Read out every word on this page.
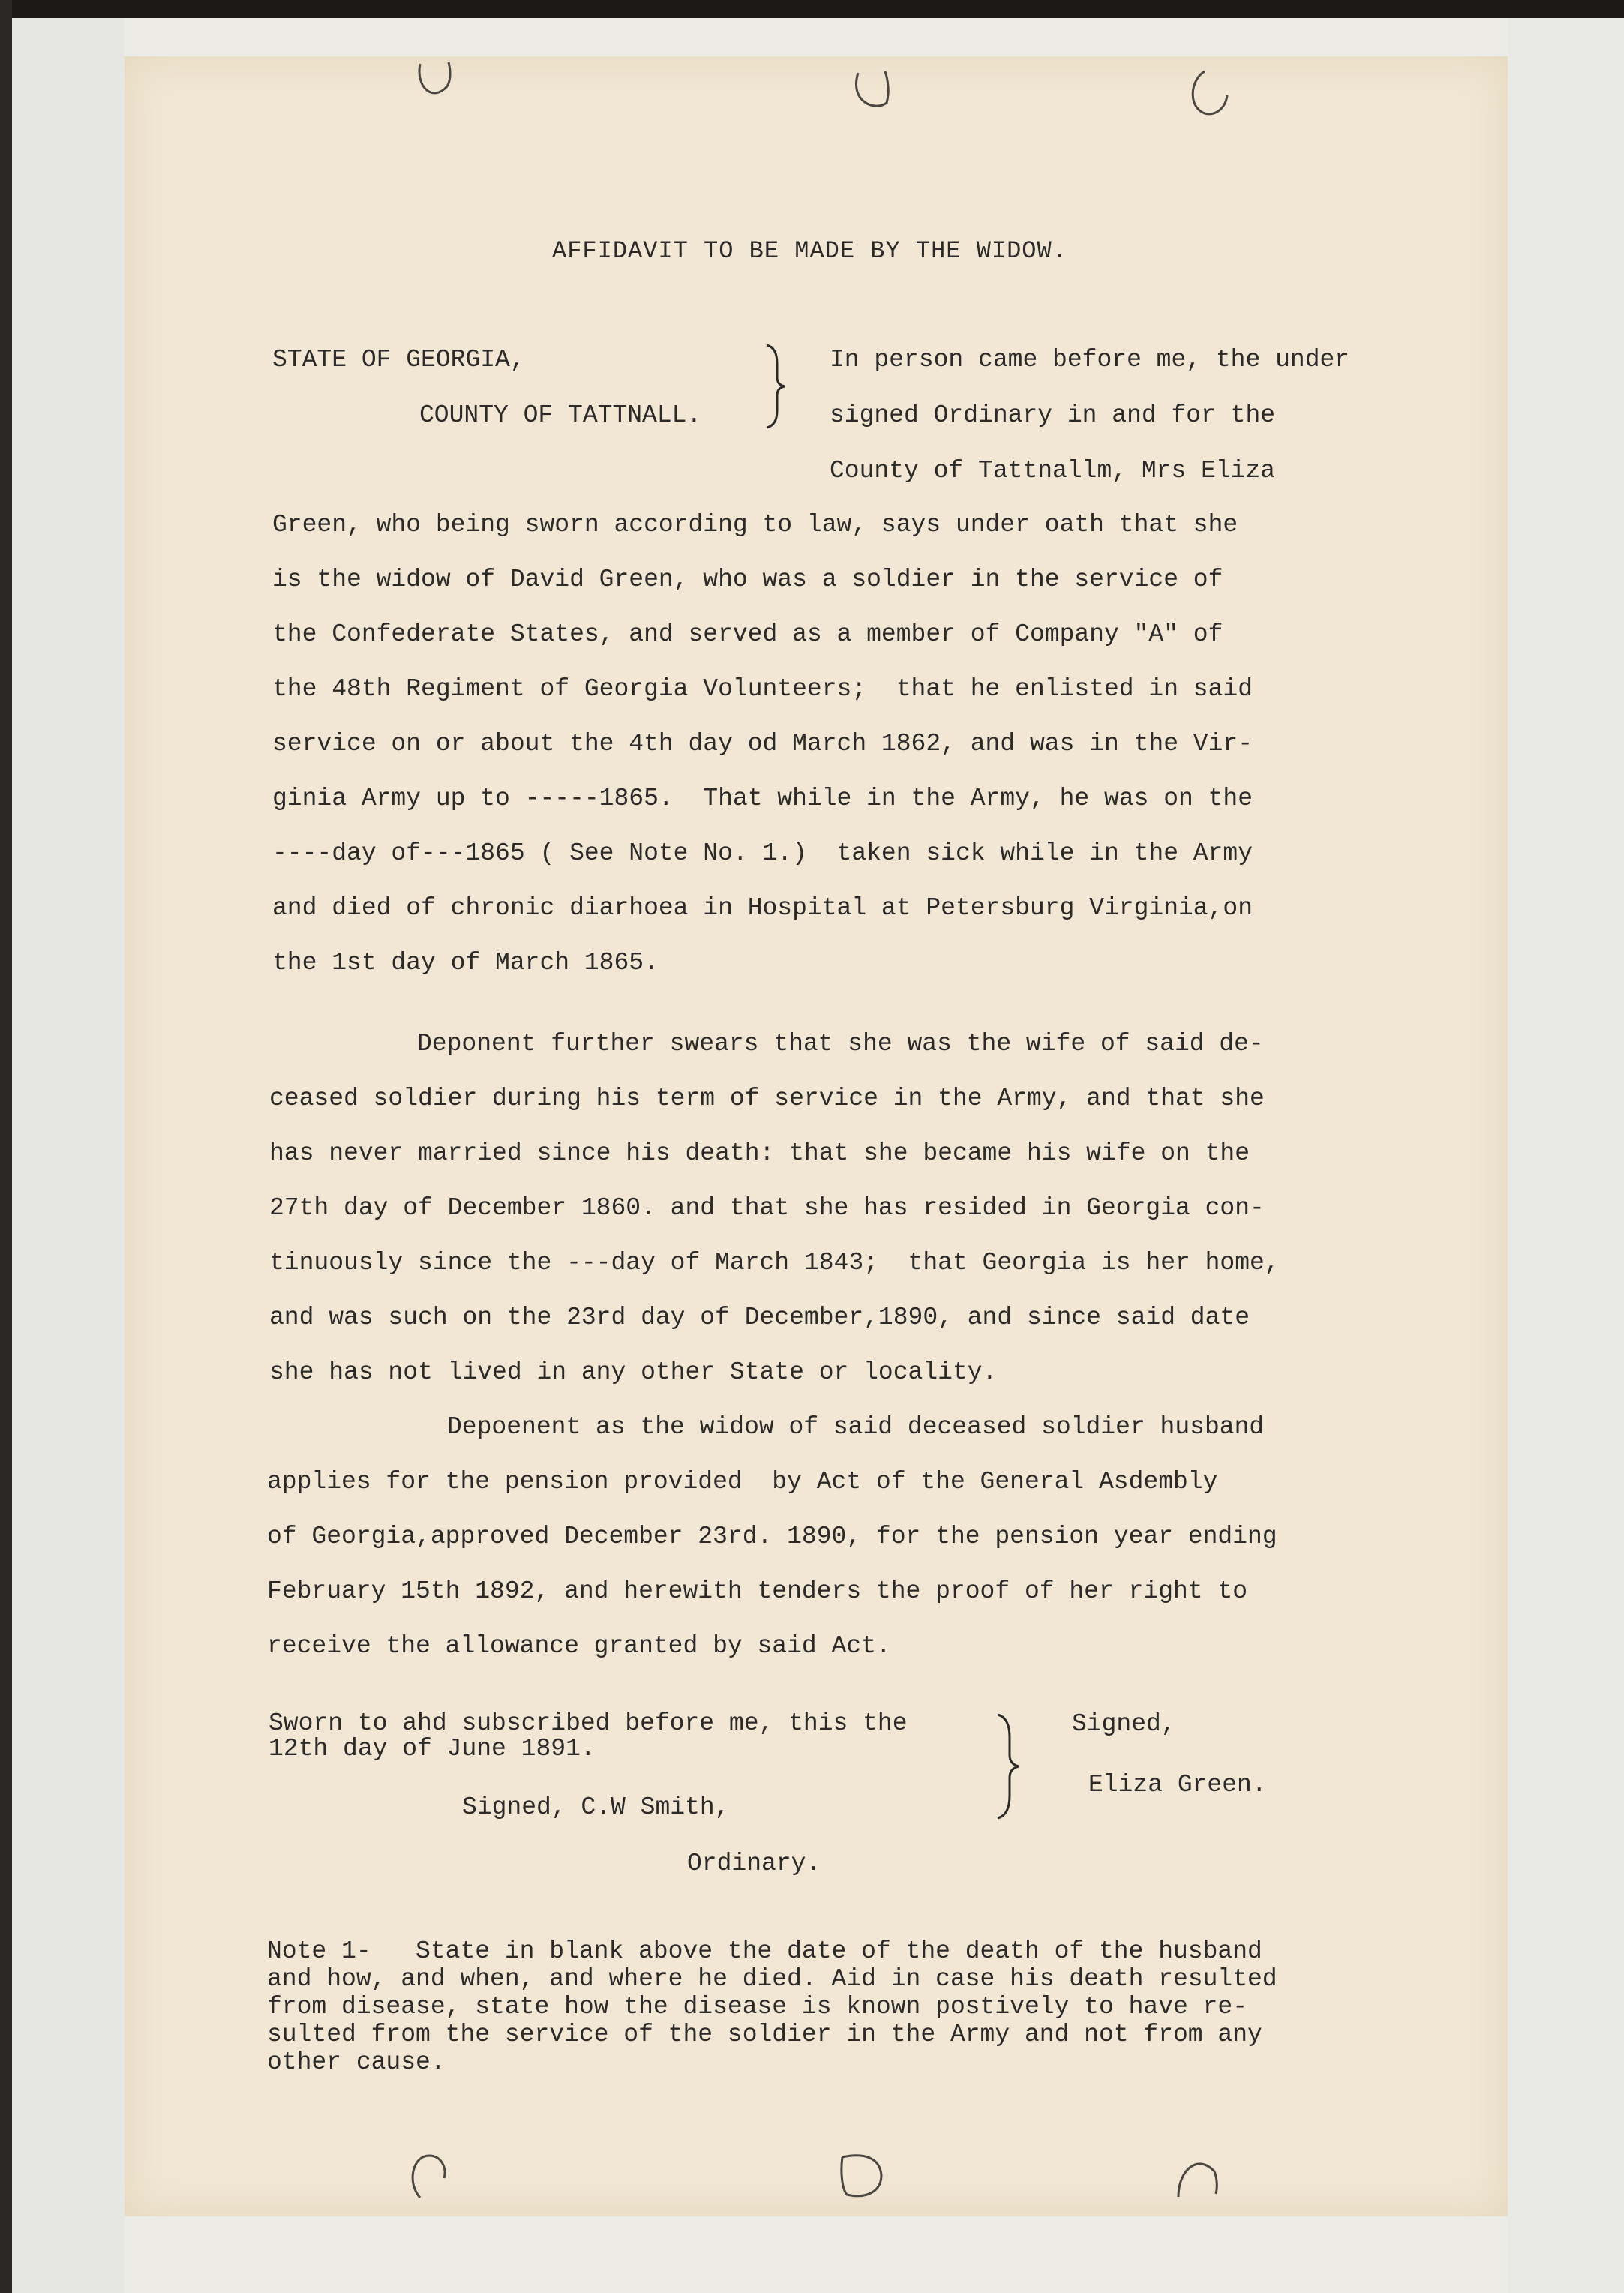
AFFIDAVIT TO BE MADE BY THE WIDOW.
STATE OF GEORGIA,
COUNTY OF TATTNALL.
In person came before me, the under
signed Ordinary in and for the
County of Tattnallm, Mrs Eliza
Green, who being sworn according to law, says under oath that she
is the widow of David Green, who was a soldier in the service of
the Confederate States, and served as a member of Company "A" of
the 48th Regiment of Georgia Volunteers;  that he enlisted in said
service on or about the 4th day od March 1862, and was in the Vir-
ginia Army up to -----1865.  That while in the Army, he was on the
----day of---1865 ( See Note No. 1.)  taken sick while in the Army
and died of chronic diarhoea in Hospital at Petersburg Virginia,on
the 1st day of March 1865.
Deponent further swears that she was the wife of said de-
ceased soldier during his term of service in the Army, and that she
has never married since his death: that she became his wife on the
27th day of December 1860. and that she has resided in Georgia con-
tinuously since the ---day of March 1843;  that Georgia is her home,
and was such on the 23rd day of December,1890, and since said date
she has not lived in any other State or locality.
Depoenent as the widow of said deceased soldier husband
applies for the pension provided  by Act of the General Asdembly
of Georgia,approved December 23rd. 1890, for the pension year ending
February 15th 1892, and herewith tenders the proof of her right to
receive the allowance granted by said Act.
Sworn to ahd subscribed before me, this the
12th day of June 1891.
Signed, C.W Smith,
Ordinary.
Signed,
Eliza Green.
Note 1-   State in blank above the date of the death of the husband
and how, and when, and where he died. Aid in case his death resulted
from disease, state how the disease is known postively to have re-
sulted from the service of the soldier in the Army and not from any
other cause.
